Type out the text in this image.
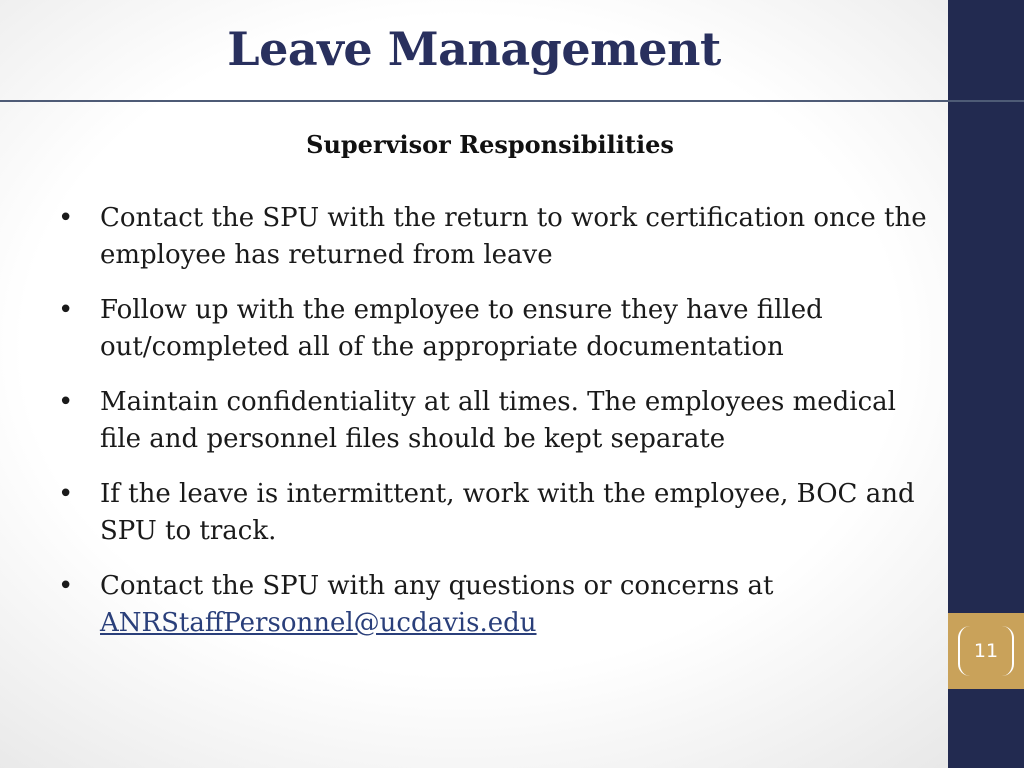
Leave Management
Supervisor Responsibilities
• Contact the SPU with the return to work certification once the employee has returned from leave
• Follow up with the employee to ensure they have filled out/completed all of the appropriate documentation
• Maintain confidentiality at all times. The employees medical file and personnel files should be kept separate
• If the leave is intermittent, work with the employee, BOC and SPU to track.
• Contact the SPU with any questions or concerns at
ANRStaffPersonnel@ucdavis.edu
11
